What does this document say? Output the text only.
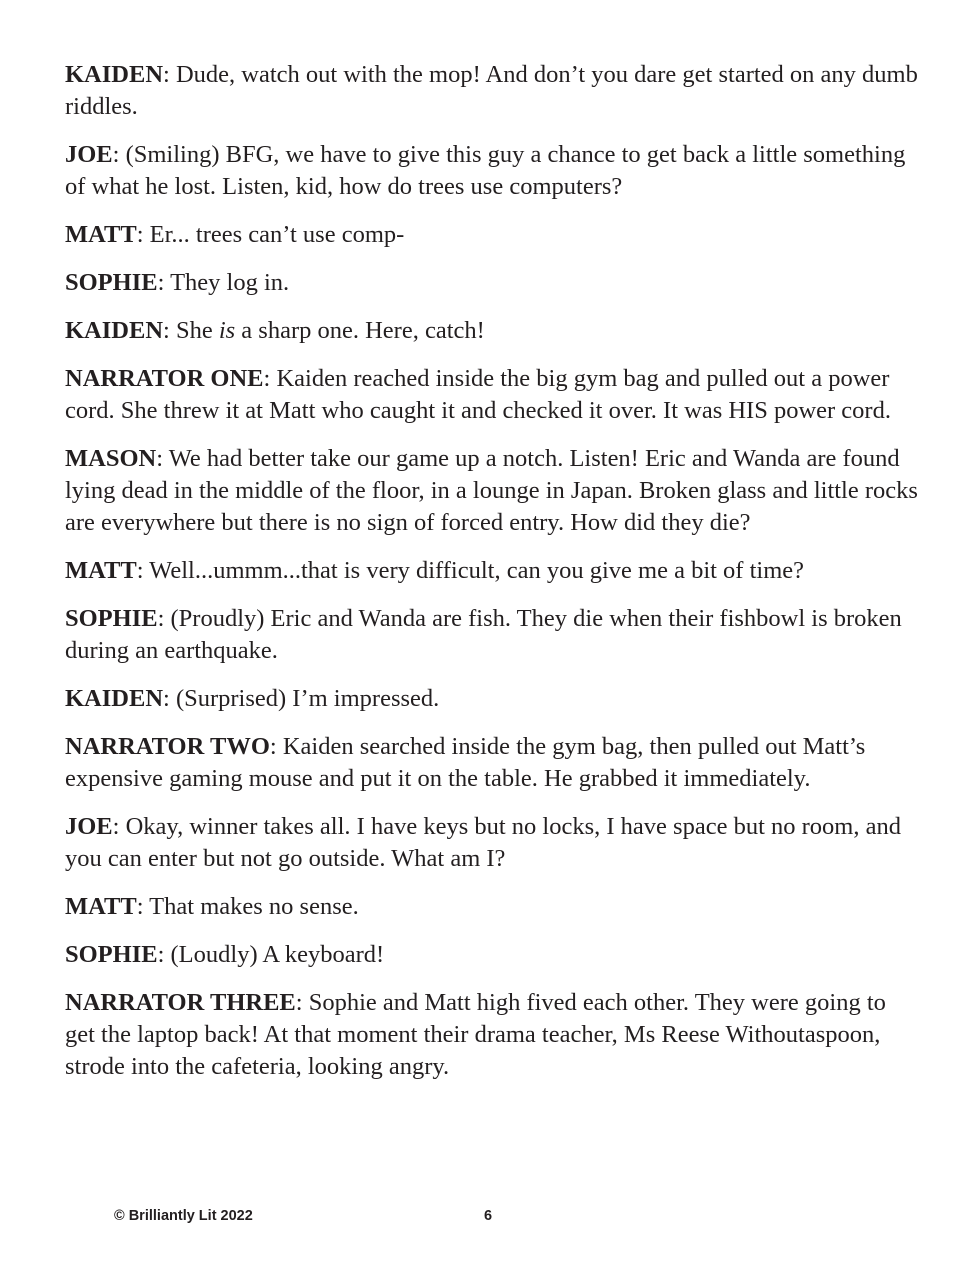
KAIDEN: Dude, watch out with the mop! And don’t you dare get started on any dumb riddles.

JOE: (Smiling) BFG, we have to give this guy a chance to get back a little something of what he lost. Listen, kid, how do trees use computers?

MATT: Er... trees can’t use comp-

SOPHIE: They log in.

KAIDEN: She is a sharp one. Here, catch!

NARRATOR ONE: Kaiden reached inside the big gym bag and pulled out a power cord. She threw it at Matt who caught it and checked it over. It was HIS power cord.

MASON: We had better take our game up a notch. Listen! Eric and Wanda are found lying dead in the middle of the floor, in a lounge in Japan. Broken glass and little rocks are everywhere but there is no sign of forced entry. How did they die?

MATT: Well...ummm...that is very difficult, can you give me a bit of time?

SOPHIE: (Proudly) Eric and Wanda are fish. They die when their fishbowl is broken during an earthquake.

KAIDEN: (Surprised) I’m impressed.

NARRATOR TWO: Kaiden searched inside the gym bag, then pulled out Matt’s expensive gaming mouse and put it on the table. He grabbed it immediately.

JOE: Okay, winner takes all. I have keys but no locks, I have space but no room, and you can enter but not go outside. What am I?

MATT: That makes no sense.

SOPHIE: (Loudly) A keyboard!

NARRATOR THREE: Sophie and Matt high fived each other. They were going to get the laptop back! At that moment their drama teacher, Ms Reese Withoutaspoon, strode into the cafeteria, looking angry.

© Brilliantly Lit 2022	6
